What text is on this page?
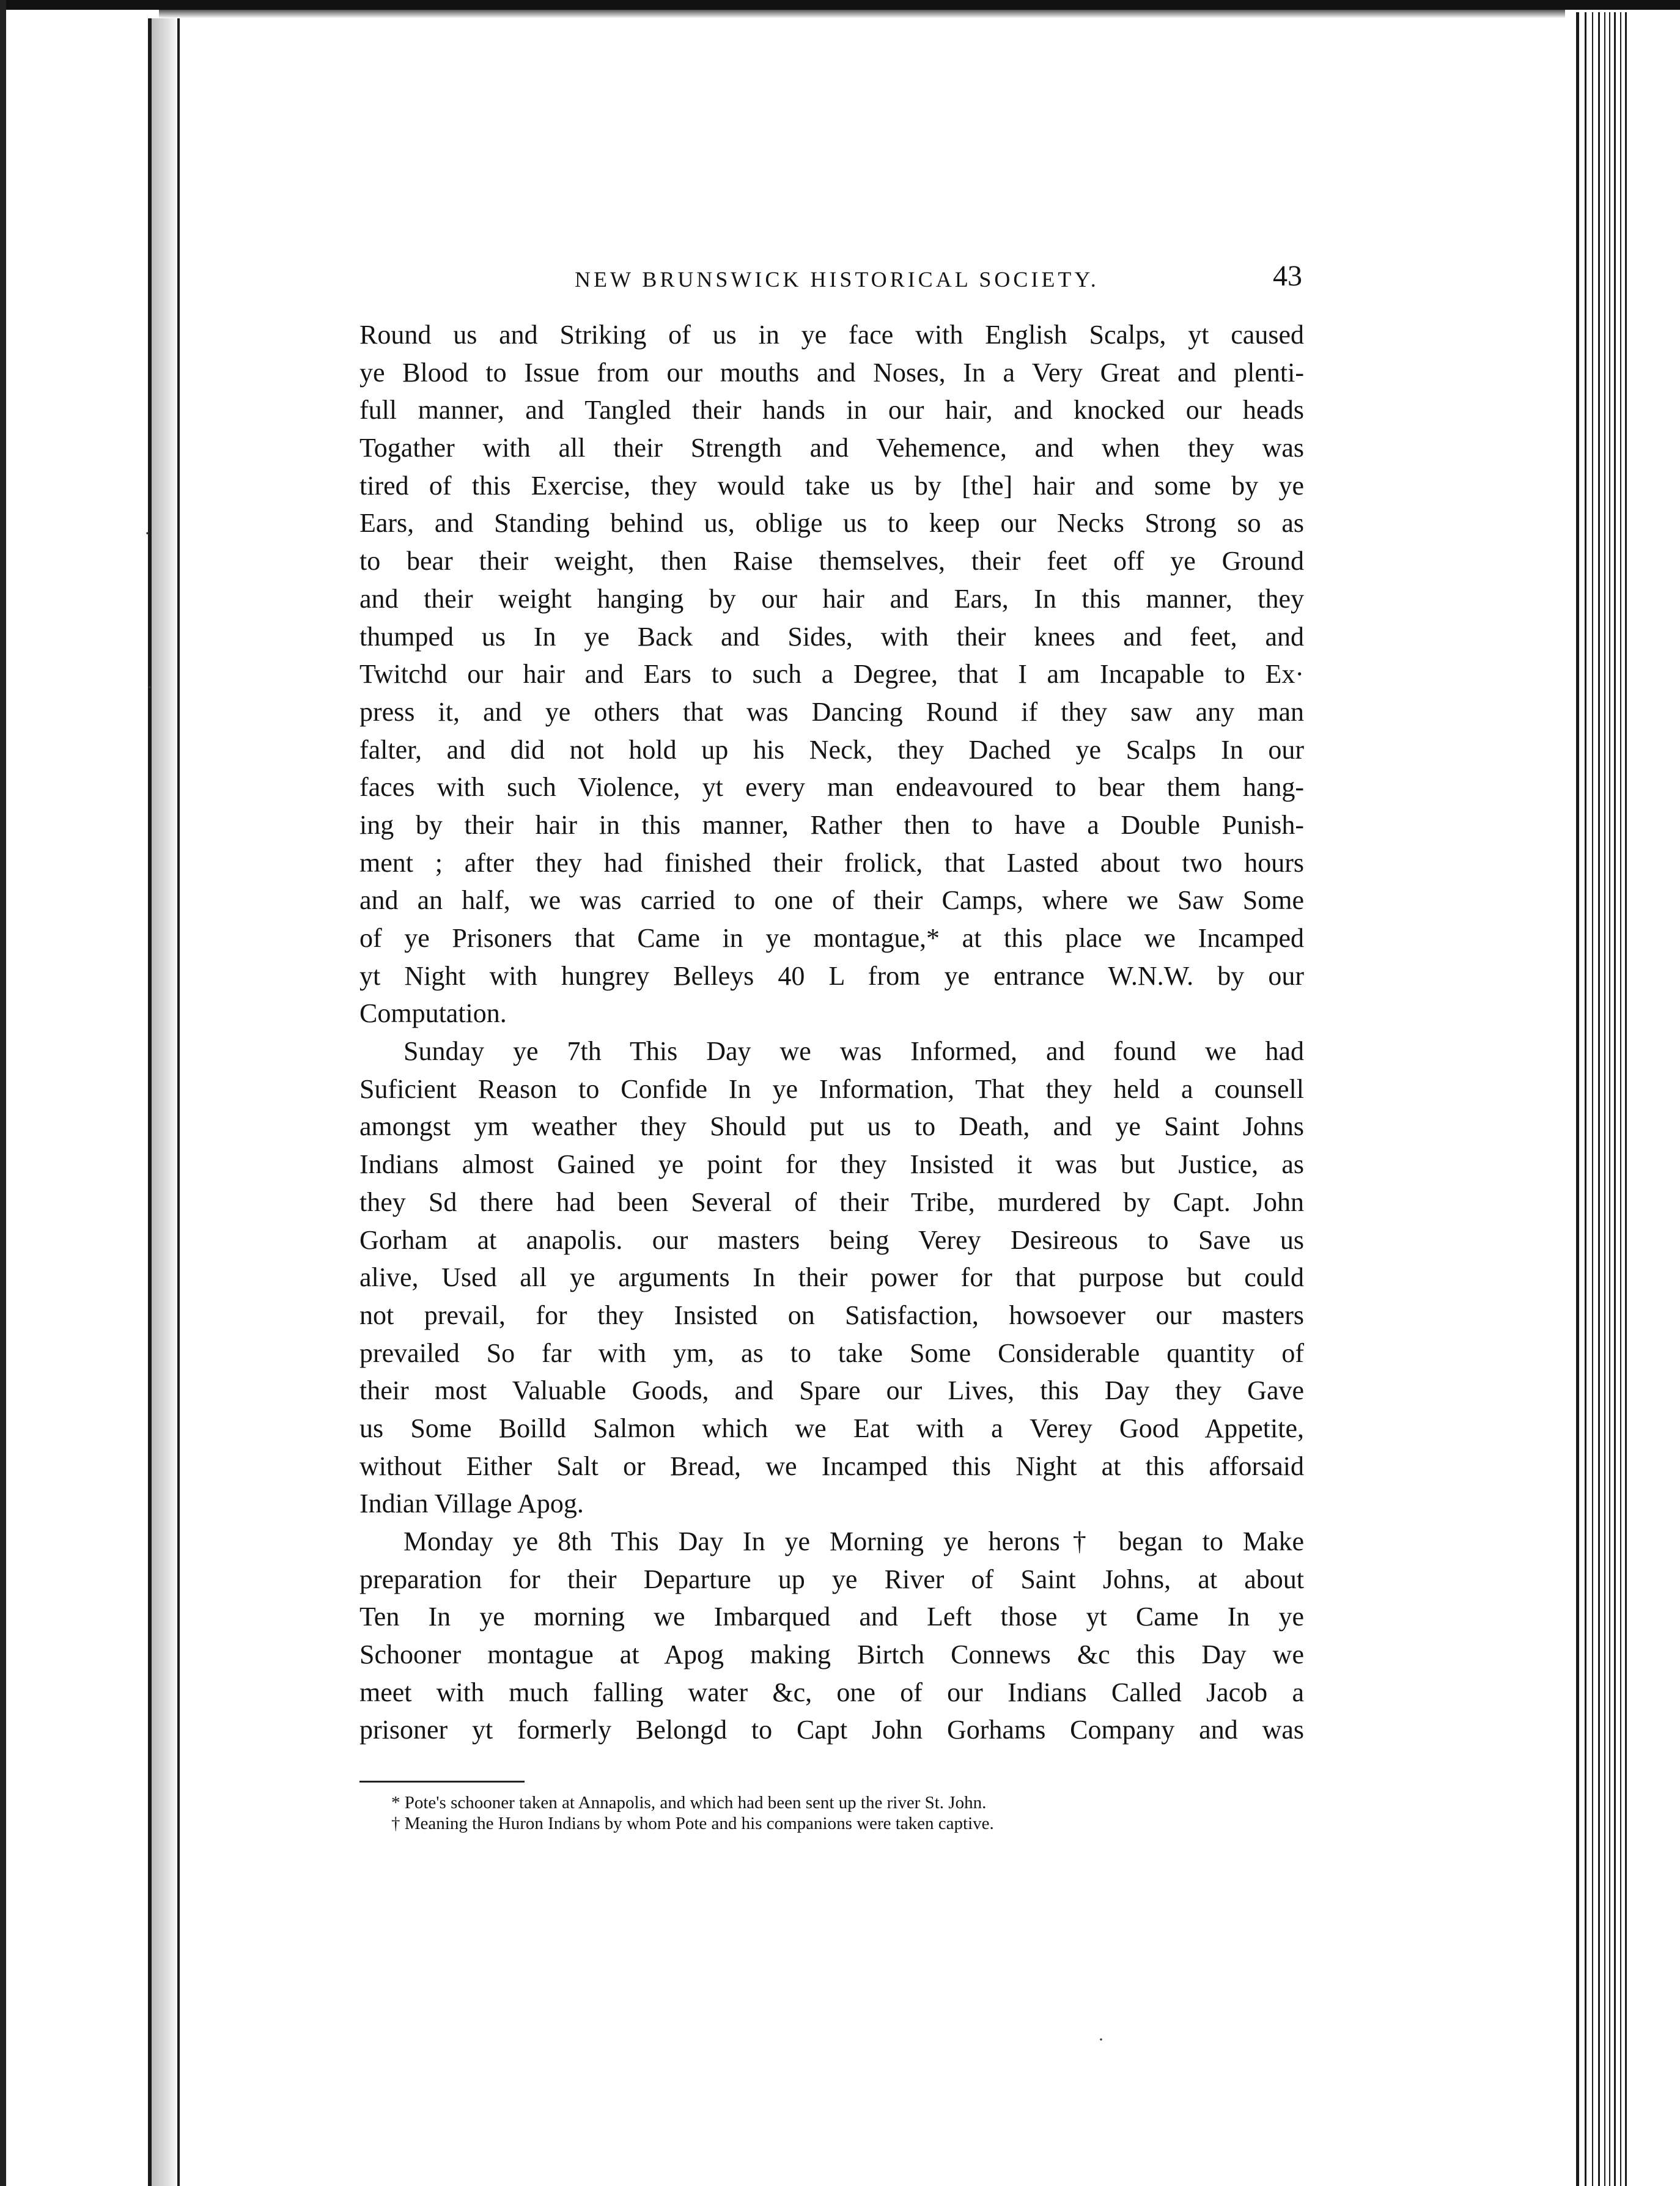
·
·
·
NEW BRUNSWICK HISTORICAL SOCIETY.	43
Round us and Striking of us in ye face with English Scalps, yt caused
ye Blood to Issue from our mouths and Noses, In a Very Great and plenti-
full manner, and Tangled their hands in our hair, and knocked our heads
Togather with all their Strength and Vehemence, and when they was
tired of this Exercise, they would take us by [the] hair and some by ye
Ears, and Standing behind us, oblige us to keep our Necks Strong so as
to bear their weight, then Raise themselves, their feet off ye Ground
and their weight hanging by our hair and Ears, In this manner, they
thumped us In ye Back and Sides, with their knees and feet, and
Twitchd our hair and Ears to such a Degree, that I am Incapable to Ex·
press it, and ye others that was Dancing Round if they saw any man
falter, and did not hold up his Neck, they Dached ye Scalps In our
faces with such Violence, yt every man endeavoured to bear them hang-
ing by their hair in this manner, Rather then to have a Double Punish-
ment ; after they had finished their frolick, that Lasted about two hours
and an half, we was carried to one of their Camps, where we Saw Some
of ye Prisoners that Came in ye montague,* at this place we Incamped
yt Night with hungrey Belleys 40 L from ye entrance W.N.W. by our
Computation.
Sunday ye 7th This Day we was Informed, and found we had
Suficient Reason to Confide In ye Information, That they held a counsell
amongst ym weather they Should put us to Death, and ye Saint Johns
Indians almost Gained ye point for they Insisted it was but Justice, as
they Sd there had been Several of their Tribe, murdered by Capt. John
Gorham at anapolis. our masters being Verey Desireous to Save us
alive, Used all ye arguments In their power for that purpose but could
not prevail, for they Insisted on Satisfaction, howsoever our masters
prevailed So far with ym, as to take Some Considerable quantity of
their most Valuable Goods, and Spare our Lives, this Day they Gave
us Some Boilld Salmon which we Eat with a Verey Good Appetite,
without Either Salt or Bread, we Incamped this Night at this afforsaid
Indian Village Apog.
Monday ye 8th This Day In ye Morning ye herons† began to Make
preparation for their Departure up ye River of Saint Johns, at about
Ten In ye morning we Imbarqued and Left those yt Came In ye
Schooner montague at Apog making Birtch Connews &c this Day we
meet with much falling water &c, one of our Indians Called Jacob a
prisoner yt formerly Belongd to Capt John Gorhams Company and was
* Pote's schooner taken at Annapolis, and which had been sent up the river St. John.
† Meaning the Huron Indians by whom Pote and his companions were taken captive.
